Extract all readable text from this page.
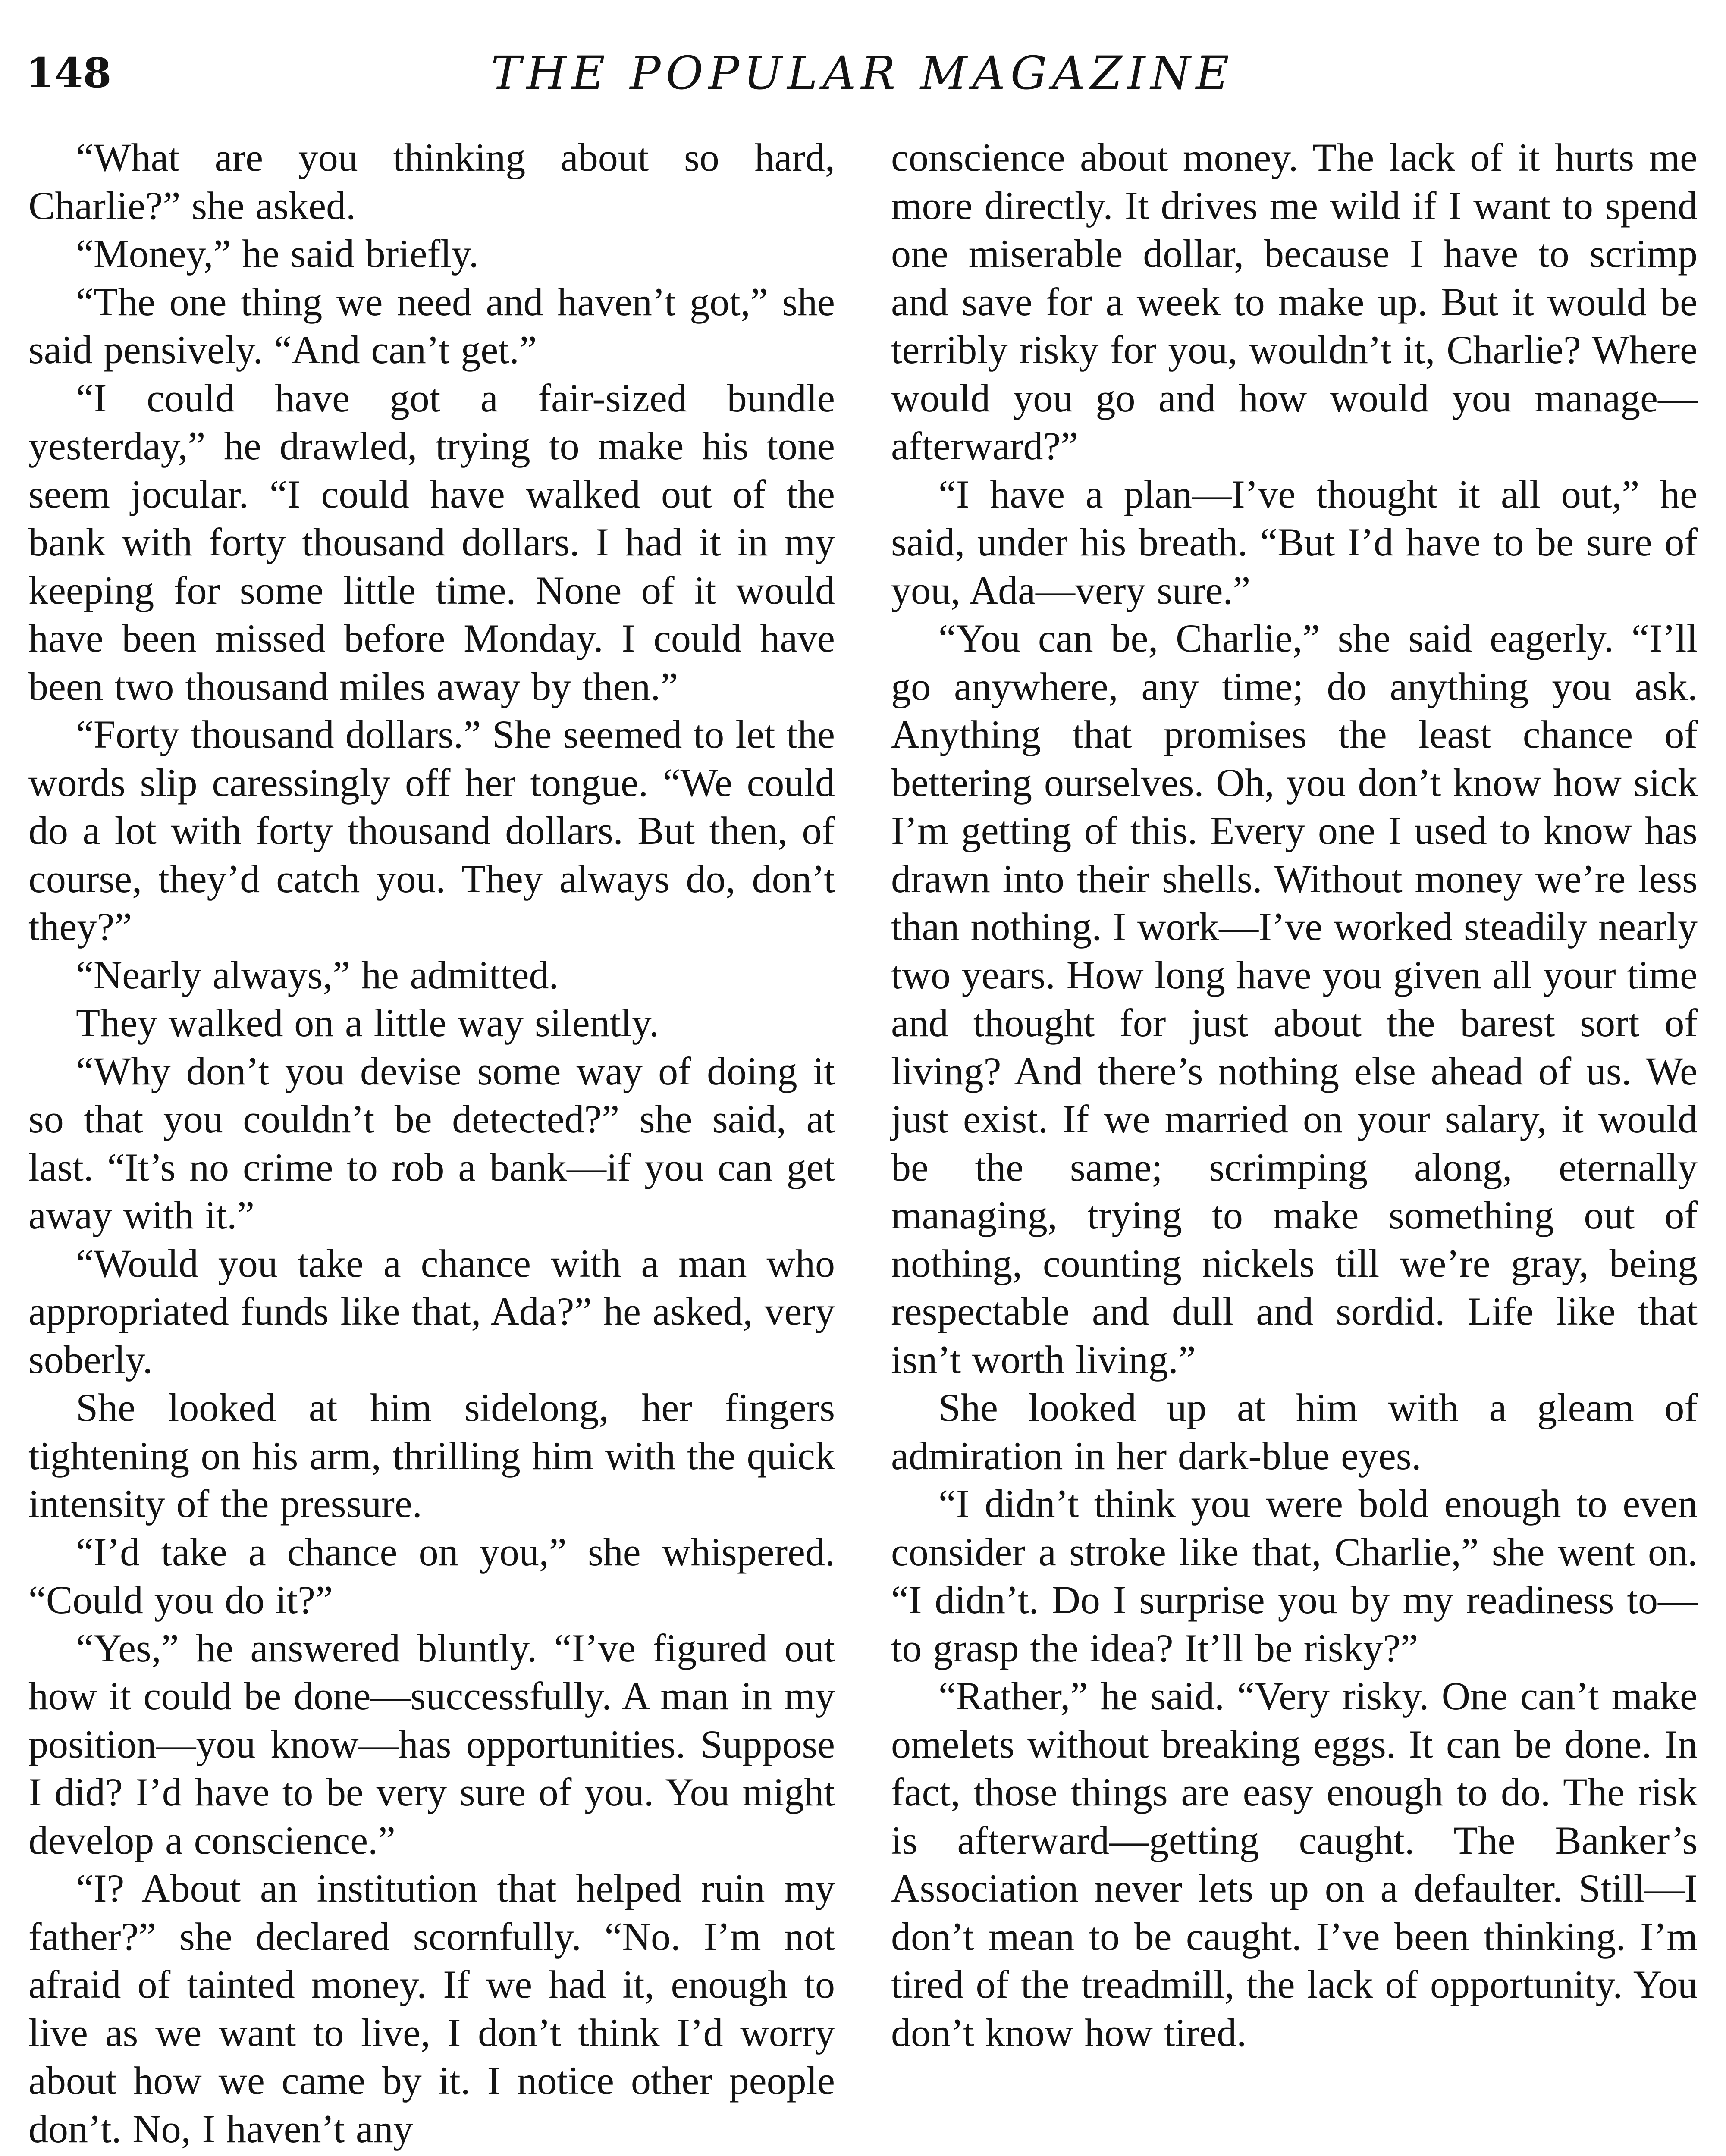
148	THE POPULAR MAGAZINE

“What are you thinking about so hard, Charlie?” she asked.

“Money,” he said briefly.

“The one thing we need and haven’t got,” she said pensively. “And can’t get.”

“I could have got a fair-sized bundle yesterday,” he drawled, trying to make his tone seem jocular. “I could have walked out of the bank with forty thousand dollars. I had it in my keeping for some little time. None of it would have been missed before Monday. I could have been two thousand miles away by then.”

“Forty thousand dollars.” She seemed to let the words slip caressingly off her tongue. “We could do a lot with forty thousand dollars. But then, of course, they’d catch you. They always do, don’t they?”

“Nearly always,” he admitted.

They walked on a little way silently.

“Why don’t you devise some way of doing it so that you couldn’t be detected?” she said, at last. “It’s no crime to rob a bank—if you can get away with it.”

“Would you take a chance with a man who appropriated funds like that, Ada?” he asked, very soberly.

She looked at him sidelong, her fingers tightening on his arm, thrilling him with the quick intensity of the pressure.

“I’d take a chance on you,” she whispered. “Could you do it?”

“Yes,” he answered bluntly. “I’ve figured out how it could be done—successfully. A man in my position—you know—has opportunities. Suppose I did? I’d have to be very sure of you. You might develop a conscience.”

“I? About an institution that helped ruin my father?” she declared scornfully. “No. I’m not afraid of tainted money. If we had it, enough to live as we want to live, I don’t think I’d worry about how we came by it. I notice other people don’t. No, I haven’t any

conscience about money. The lack of it hurts me more directly. It drives me wild if I want to spend one miserable dollar, because I have to scrimp and save for a week to make up. But it would be terribly risky for you, wouldn’t it, Charlie? Where would you go and how would you manage—afterward?”

“I have a plan—I’ve thought it all out,” he said, under his breath. “But I’d have to be sure of you, Ada—very sure.”

“You can be, Charlie,” she said eagerly. “I’ll go anywhere, any time; do anything you ask. Anything that promises the least chance of bettering ourselves. Oh, you don’t know how sick I’m getting of this. Every one I used to know has drawn into their shells. Without money we’re less than nothing. I work—I’ve worked steadily nearly two years. How long have you given all your time and thought for just about the barest sort of living? And there’s nothing else ahead of us. We just exist. If we married on your salary, it would be the same; scrimping along, eternally managing, trying to make something out of nothing, counting nickels till we’re gray, being respectable and dull and sordid. Life like that isn’t worth living.”

She looked up at him with a gleam of admiration in her dark-blue eyes.

“I didn’t think you were bold enough to even consider a stroke like that, Charlie,” she went on. “I didn’t. Do I surprise you by my readiness to—to grasp the idea? It’ll be risky?”

“Rather,” he said. “Very risky. One can’t make omelets without breaking eggs. It can be done. In fact, those things are easy enough to do. The risk is afterward—getting caught. The Banker’s Association never lets up on a defaulter. Still—I don’t mean to be caught. I’ve been thinking. I’m tired of the treadmill, the lack of opportunity. You don’t know how tired.
